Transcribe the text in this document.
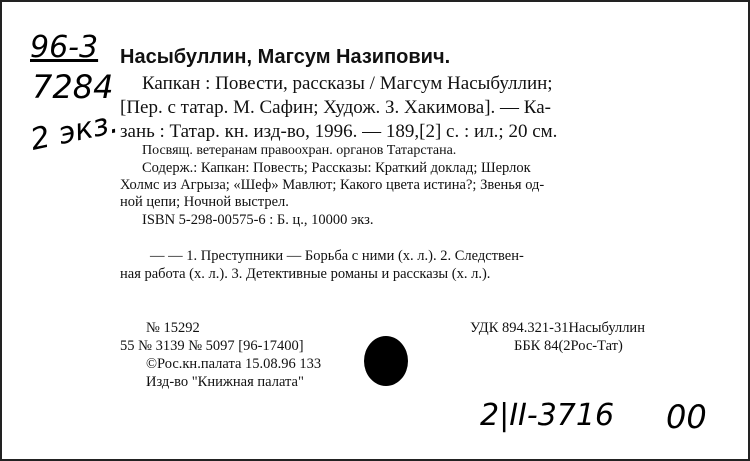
96-3
7284
2 экз.
Насыбуллин, Магсум Назипович.
Капкан : Повести, рассказы / Магсум Насыбуллин;
[Пер. с татар. М. Сафин; Худож. З. Хакимова]. — Ка-
зань : Татар. кн. изд-во, 1996. — 189,[2] с. : ил.; 20 см.
Посвящ. ветеранам правоохран. органов Татарстана.
Содерж.: Капкан: Повесть; Рассказы: Краткий доклад; Шерлок
Холмс из Агрыза; «Шеф» Мавлют; Какого цвета истина?; Звенья од-
ной цепи; Ночной выстрел.
ISBN 5-298-00575-6 : Б. ц., 10000 экз.
— — 1. Преступники — Борьба с ними (х. л.). 2. Следствен-
ная работа (х. л.). 3. Детективные романы и рассказы (х. л.).
№ 15292
55 № 3139 № 5097 [96-17400]
©Рос.кн.палата 15.08.96 133
Изд-во "Книжная палата"
УДК 894.321-31Насыбуллин
ББК 84(2Рос-Тат)
2|II-3716 00
